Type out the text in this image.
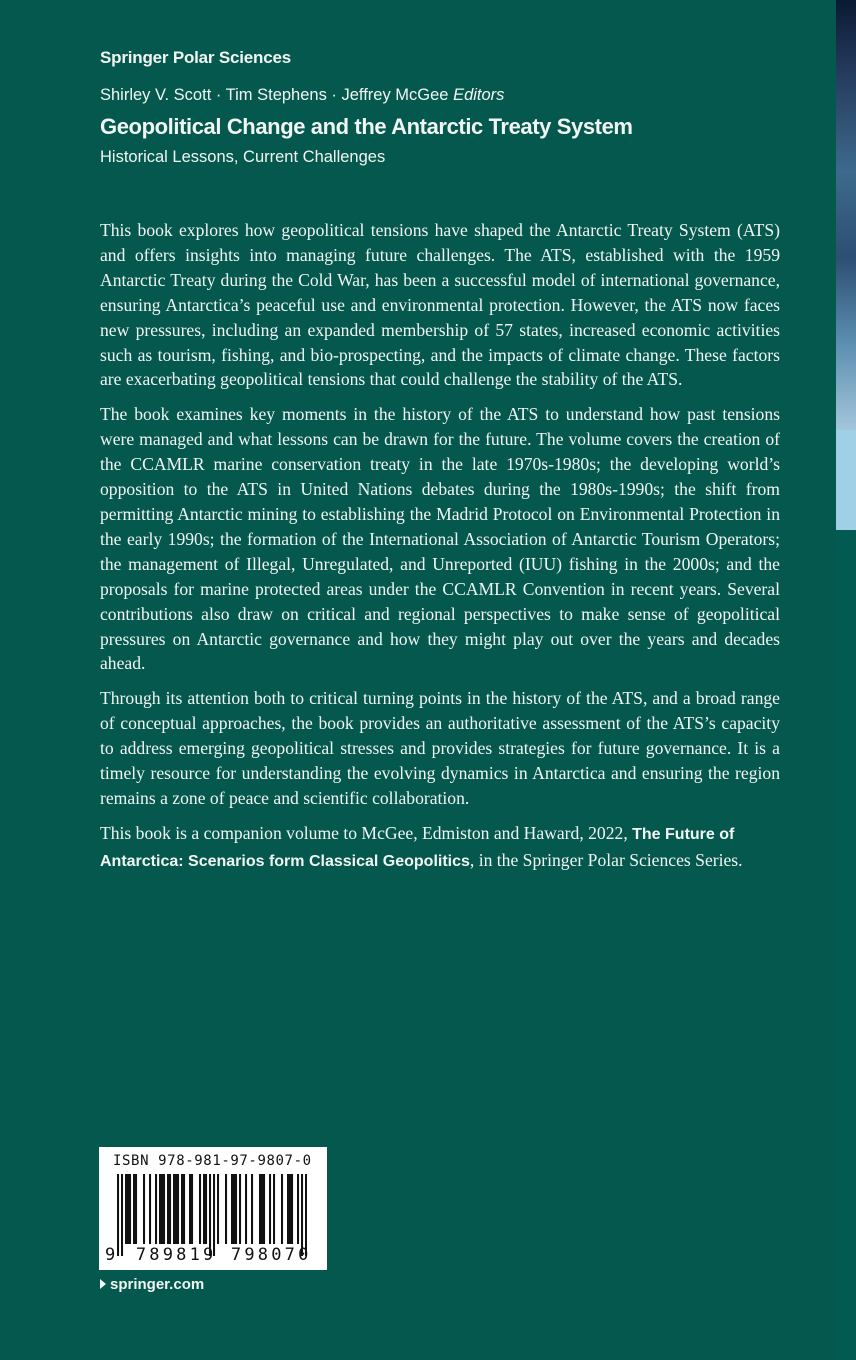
Springer Polar Sciences
Shirley V. Scott · Tim Stephens · Jeffrey McGee Editors
Geopolitical Change and the Antarctic Treaty System
Historical Lessons, Current Challenges

This book explores how geopolitical tensions have shaped the Antarctic Treaty System (ATS) and offers insights into managing future challenges. The ATS, established with the 1959 Antarctic Treaty during the Cold War, has been a successful model of international governance, ensuring Antarctica’s peaceful use and environmental protection. However, the ATS now faces new pressures, including an expanded membership of 57 states, increased economic activities such as tourism, fishing, and bio-prospecting, and the impacts of climate change. These factors are exacerbating geopolitical tensions that could challenge the stability of the ATS.

The book examines key moments in the history of the ATS to understand how past tensions were managed and what lessons can be drawn for the future. The volume covers the creation of the CCAMLR marine conservation treaty in the late 1970s-1980s; the developing world’s opposition to the ATS in United Nations debates during the 1980s-1990s; the shift from permitting Antarctic mining to establishing the Madrid Protocol on Environmental Protection in the early 1990s; the formation of the International Association of Antarctic Tourism Operators; the management of Illegal, Unregulated, and Unreported (IUU) fishing in the 2000s; and the proposals for marine protected areas under the CCAMLR Convention in recent years. Several contributions also draw on critical and regional perspectives to make sense of geopolitical pressures on Antarctic governance and how they might play out over the years and decades ahead.

Through its attention both to critical turning points in the history of the ATS, and a broad range of conceptual approaches, the book provides an authoritative assessment of the ATS’s capacity to address emerging geopolitical stresses and provides strategies for future governance. It is a timely resource for understanding the evolving dynamics in Antarctica and ensuring the region remains a zone of peace and scientific collaboration.

This book is a companion volume to McGee, Edmiston and Haward, 2022, The Future of Antarctica: Scenarios form Classical Geopolitics, in the Springer Polar Sciences Series.

ISBN 978-981-97-9807-0
9 789819 798070
springer.com
